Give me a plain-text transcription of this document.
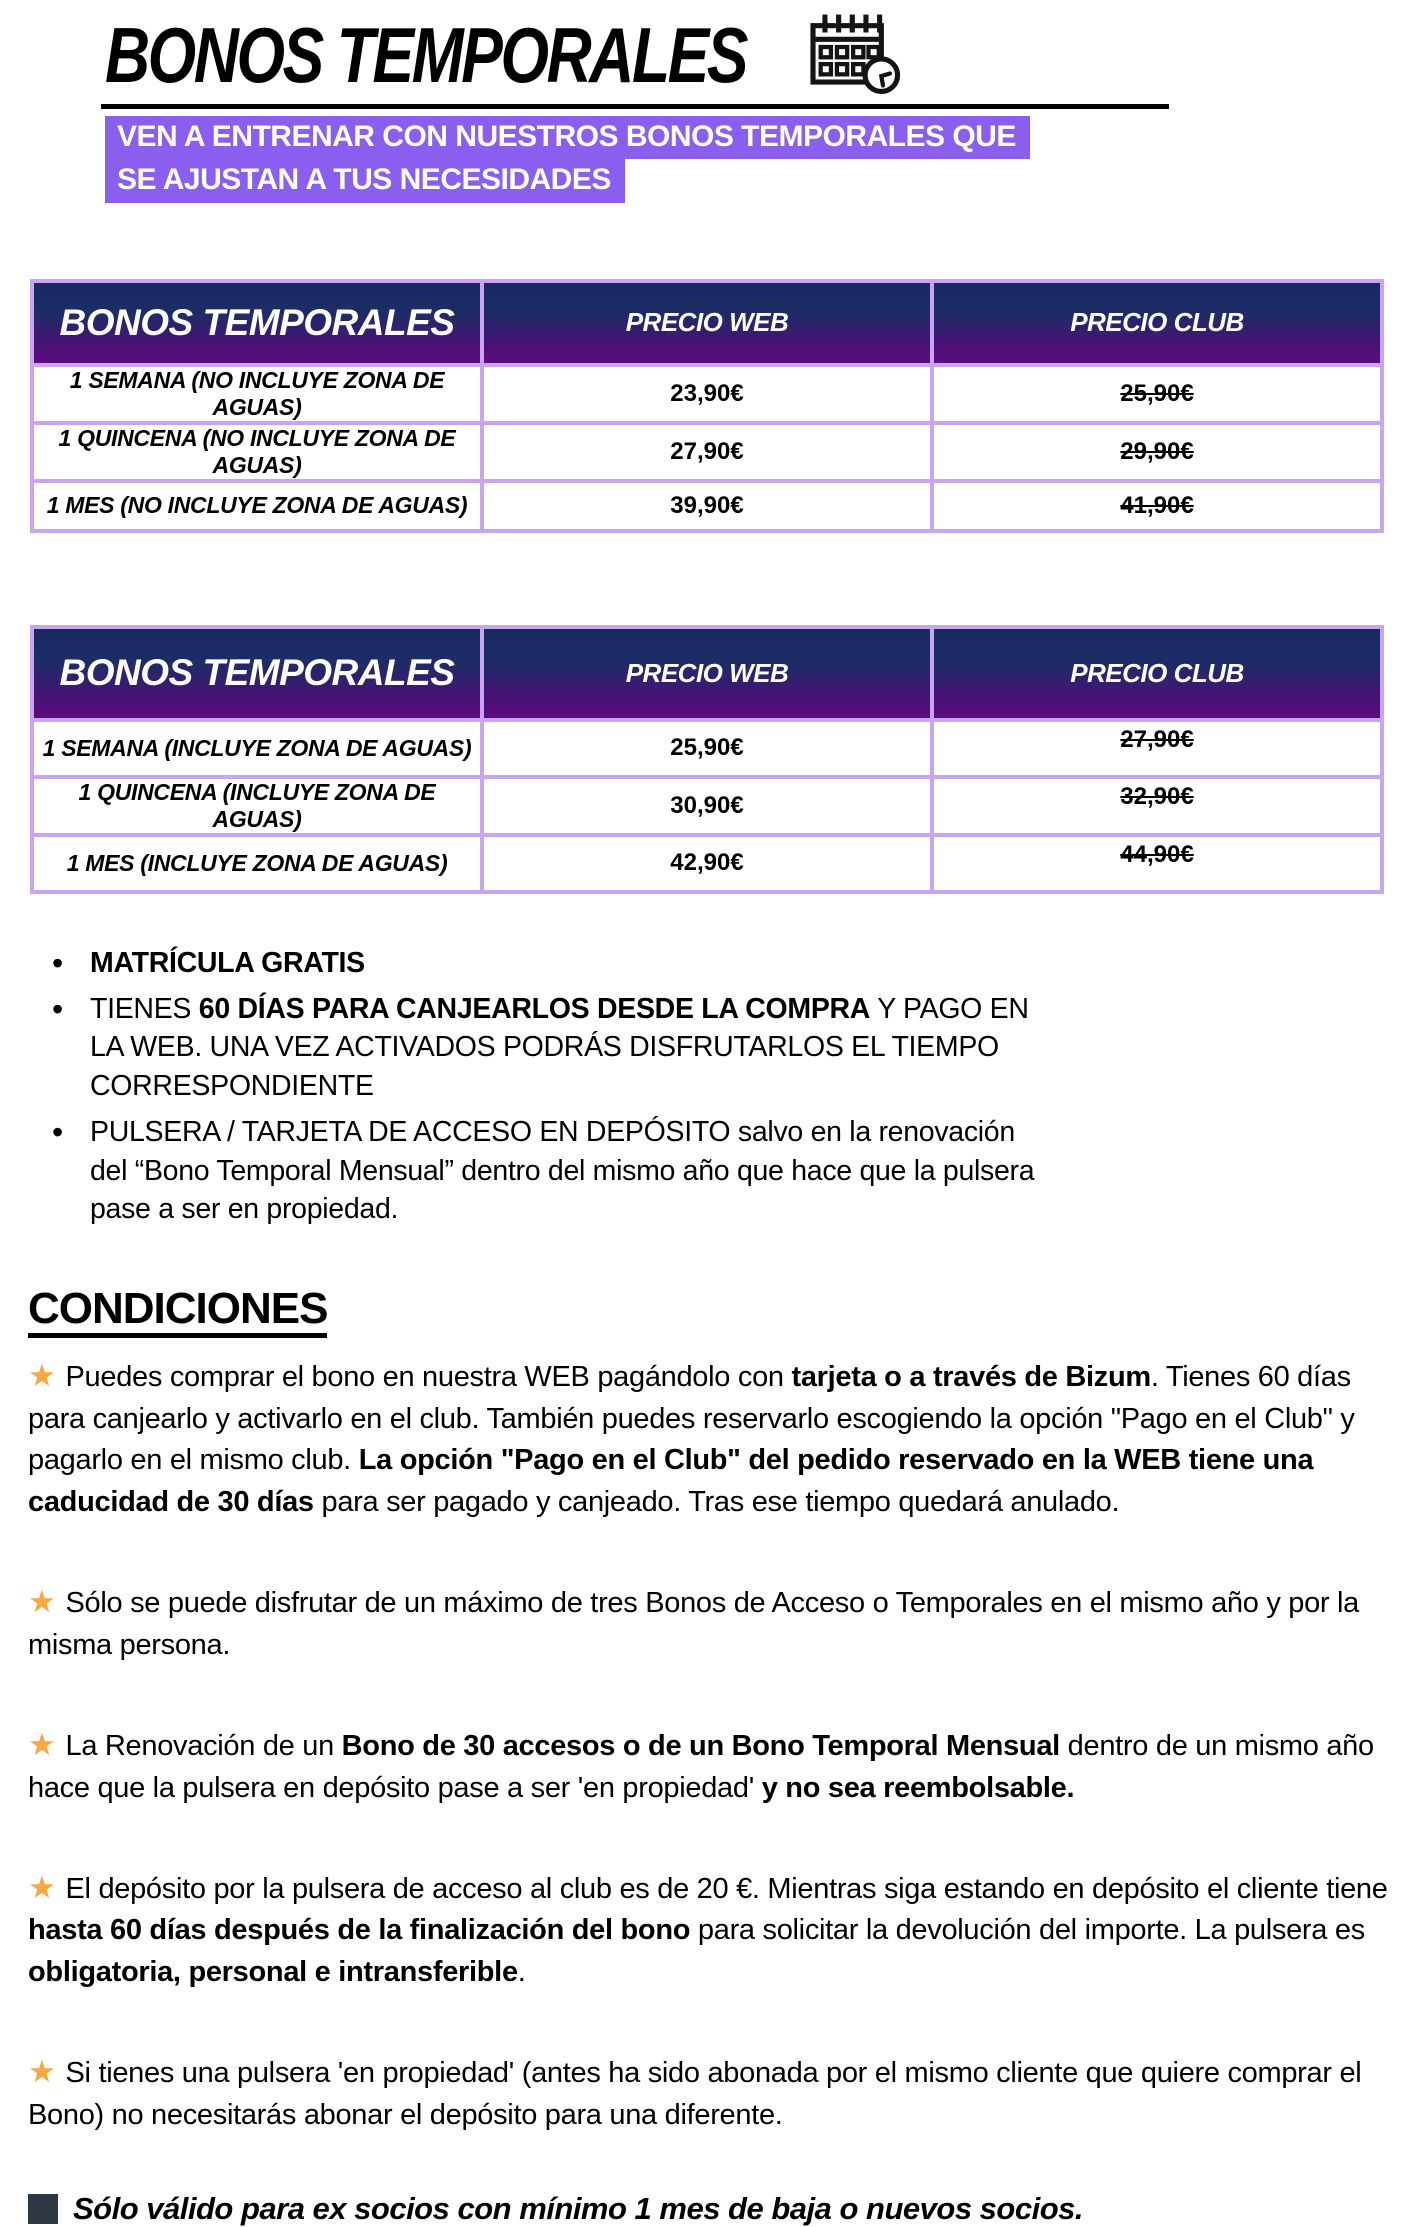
BONOS TEMPORALES
VEN A ENTRENAR CON NUESTROS BONOS TEMPORALES QUE
SE AJUSTAN A TUS NECESIDADES
BONOS TEMPORALES	PRECIO WEB	PRECIO CLUB
1 SEMANA (NO INCLUYE ZONA DE AGUAS)	23,90€	25,90€
1 QUINCENA (NO INCLUYE ZONA DE AGUAS)	27,90€	29,90€
1 MES (NO INCLUYE ZONA DE AGUAS)	39,90€	41,90€
BONOS TEMPORALES	PRECIO WEB	PRECIO CLUB
1 SEMANA (INCLUYE ZONA DE AGUAS)	25,90€	27,90€
1 QUINCENA (INCLUYE ZONA DE AGUAS)	30,90€	32,90€
1 MES (INCLUYE ZONA DE AGUAS)	42,90€	44,90€
• MATRÍCULA GRATIS
• TIENES 60 DÍAS PARA CANJEARLOS DESDE LA COMPRA Y PAGO EN LA WEB. UNA VEZ ACTIVADOS PODRÁS DISFRUTARLOS EL TIEMPO CORRESPONDIENTE
• PULSERA / TARJETA DE ACCESO EN DEPÓSITO salvo en la renovación del “Bono Temporal Mensual” dentro del mismo año que hace que la pulsera pase a ser en propiedad.
CONDICIONES

★ Puedes comprar el bono en nuestra WEB pagándolo con tarjeta o a través de Bizum. Tienes 60 días para canjearlo y activarlo en el club. También puedes reservarlo escogiendo la opción "Pago en el Club" y pagarlo en el mismo club. La opción "Pago en el Club" del pedido reservado en la WEB tiene una caducidad de 30 días para ser pagado y canjeado. Tras ese tiempo quedará anulado.

★ Sólo se puede disfrutar de un máximo de tres Bonos de Acceso o Temporales en el mismo año y por la misma persona.

★ La Renovación de un Bono de 30 accesos o de un Bono Temporal Mensual dentro de un mismo año hace que la pulsera en depósito pase a ser 'en propiedad' y no sea reembolsable.

★ El depósito por la pulsera de acceso al club es de 20 €. Mientras siga estando en depósito el cliente tiene hasta 60 días después de la finalización del bono para solicitar la devolución del importe. La pulsera es obligatoria, personal e intransferible.

★ Si tienes una pulsera 'en propiedad' (antes ha sido abonada por el mismo cliente que quiere comprar el Bono) no necesitarás abonar el depósito para una diferente.

Sólo válido para ex socios con mínimo 1 mes de baja o nuevos socios.
